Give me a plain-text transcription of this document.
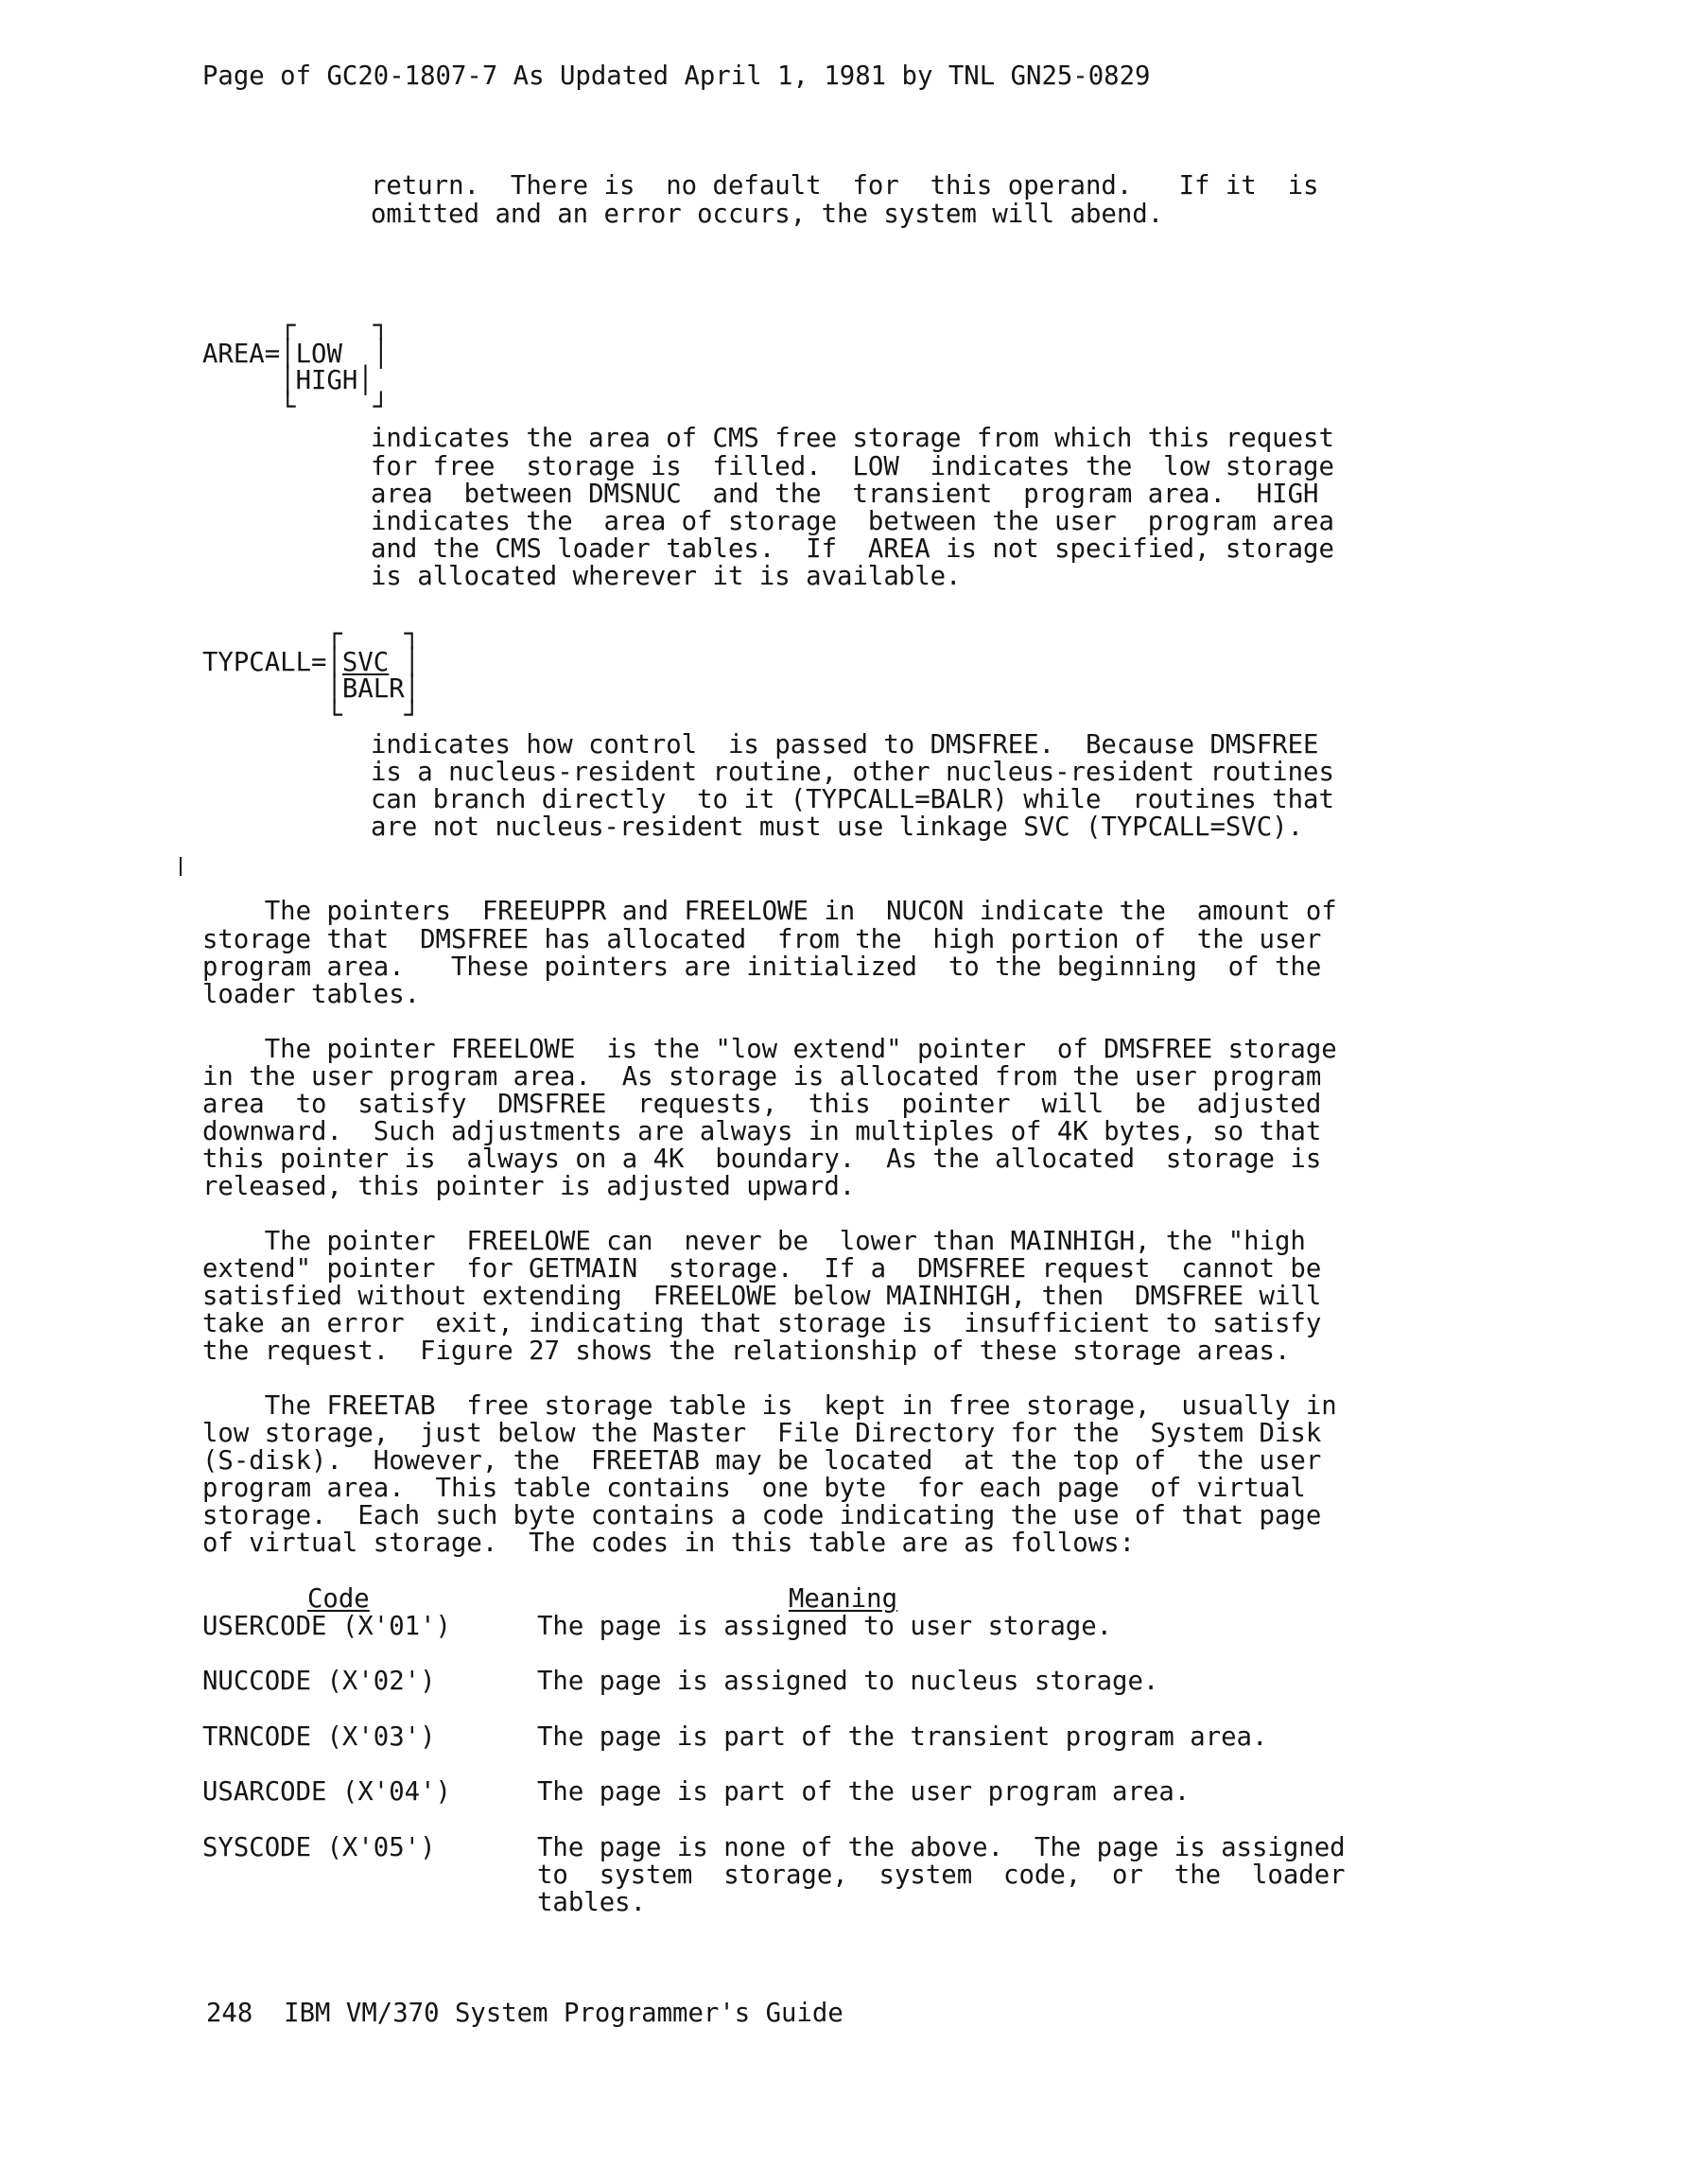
Page of GC20-1807-7 As Updated April 1, 1981 by TNL GN25-0829
return.  There is  no default  for  this operand.   If it  is
omitted and an error occurs, the system will abend.
┌     ┐
AREA=│LOW  │
│HIGH│
└     ┘
indicates the area of CMS free storage from which this request
for free  storage is  filled.  LOW  indicates the  low storage
area  between DMSNUC  and the  transient  program area.  HIGH
indicates the  area of storage  between the user  program area
and the CMS loader tables.  If  AREA is not specified, storage
is allocated wherever it is available.
┌    ┐
TYPCALL=│SVC │
│BALR│
└    ┘
indicates how control  is passed to DMSFREE.  Because DMSFREE
is a nucleus-resident routine, other nucleus-resident routines
can branch directly  to it (TYPCALL=BALR) while  routines that
are not nucleus-resident must use linkage SVC (TYPCALL=SVC).
The pointers  FREEUPPR and FREELOWE in  NUCON indicate the  amount of
storage that  DMSFREE has allocated  from the  high portion of  the user
program area.   These pointers are initialized  to the beginning  of the
loader tables.
The pointer FREELOWE  is the "low extend" pointer  of DMSFREE storage
in the user program area.  As storage is allocated from the user program
area  to  satisfy  DMSFREE  requests,  this  pointer  will  be  adjusted
downward.  Such adjustments are always in multiples of 4K bytes, so that
this pointer is  always on a 4K  boundary.  As the allocated  storage is
released, this pointer is adjusted upward.
The pointer  FREELOWE can  never be  lower than MAINHIGH, the "high
extend" pointer  for GETMAIN  storage.  If a  DMSFREE request  cannot be
satisfied without extending  FREELOWE below MAINHIGH, then  DMSFREE will
take an error  exit, indicating that storage is  insufficient to satisfy
the request.  Figure 27 shows the relationship of these storage areas.
The FREETAB  free storage table is  kept in free storage,  usually in
low storage,  just below the Master  File Directory for the  System Disk
(S-disk).  However, the  FREETAB may be located  at the top of  the user
program area.  This table contains  one byte  for each page  of virtual
storage.  Each such byte contains a code indicating the use of that page
of virtual storage.  The codes in this table are as follows:
Code	Meaning
USERCODE (X'01')	The page is assigned to user storage.
NUCCODE (X'02')	The page is assigned to nucleus storage.
TRNCODE (X'03')	The page is part of the transient program area.
USARCODE (X'04')	The page is part of the user program area.
SYSCODE (X'05')	The page is none of the above.  The page is assigned
to  system  storage,  system  code,  or  the  loader
tables.
248  IBM VM/370 System Programmer's Guide
